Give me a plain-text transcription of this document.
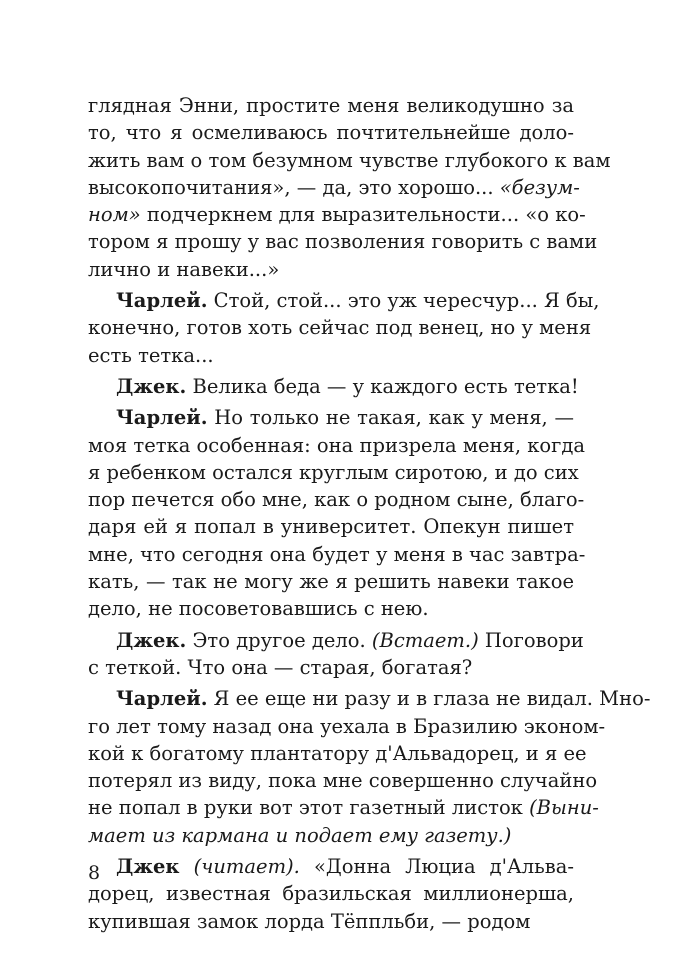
глядная Энни, простите меня великодушно за
то, что я осмеливаюсь почтительнейше доло-
жить вам о том безумном чувстве глубокого к вам
высокопочитания», — да, это хорошо... «безум-
ном» подчеркнем для выразительности... «о ко-
тором я прошу у вас позволения говорить с вами
лично и навеки...»
Чарлей. Стой, стой... это уж чересчур... Я бы,
конечно, готов хоть сейчас под венец, но у меня
есть тетка...
Джек. Велика беда — у каждого есть тетка!
Чарлей. Но только не такая, как у меня, —
моя тетка особенная: она призрела меня, когда
я ребенком остался круглым сиротою, и до сих
пор печется обо мне, как о родном сыне, благо-
даря ей я попал в университет. Опекун пишет
мне, что сегодня она будет у меня в час завтра-
кать, — так не могу же я решить навеки такое
дело, не посоветовавшись с нею.
Джек. Это другое дело. (Встает.) Поговори
с теткой. Что она — старая, богатая?
Чарлей. Я ее еще ни разу и в глаза не видал. Мно-
го лет тому назад она уехала в Бразилию эконом-
кой к богатому плантатору д'Альвадорец, и я ее
потерял из виду, пока мне совершенно случайно
не попал в руки вот этот газетный листок (Выни-
мает из кармана и подает ему газету.)
Джек (читает). «Донна Люциа д'Альва-
дорец, известная бразильская миллионерша,
купившая замок лорда Тёппльби, — родом
8
